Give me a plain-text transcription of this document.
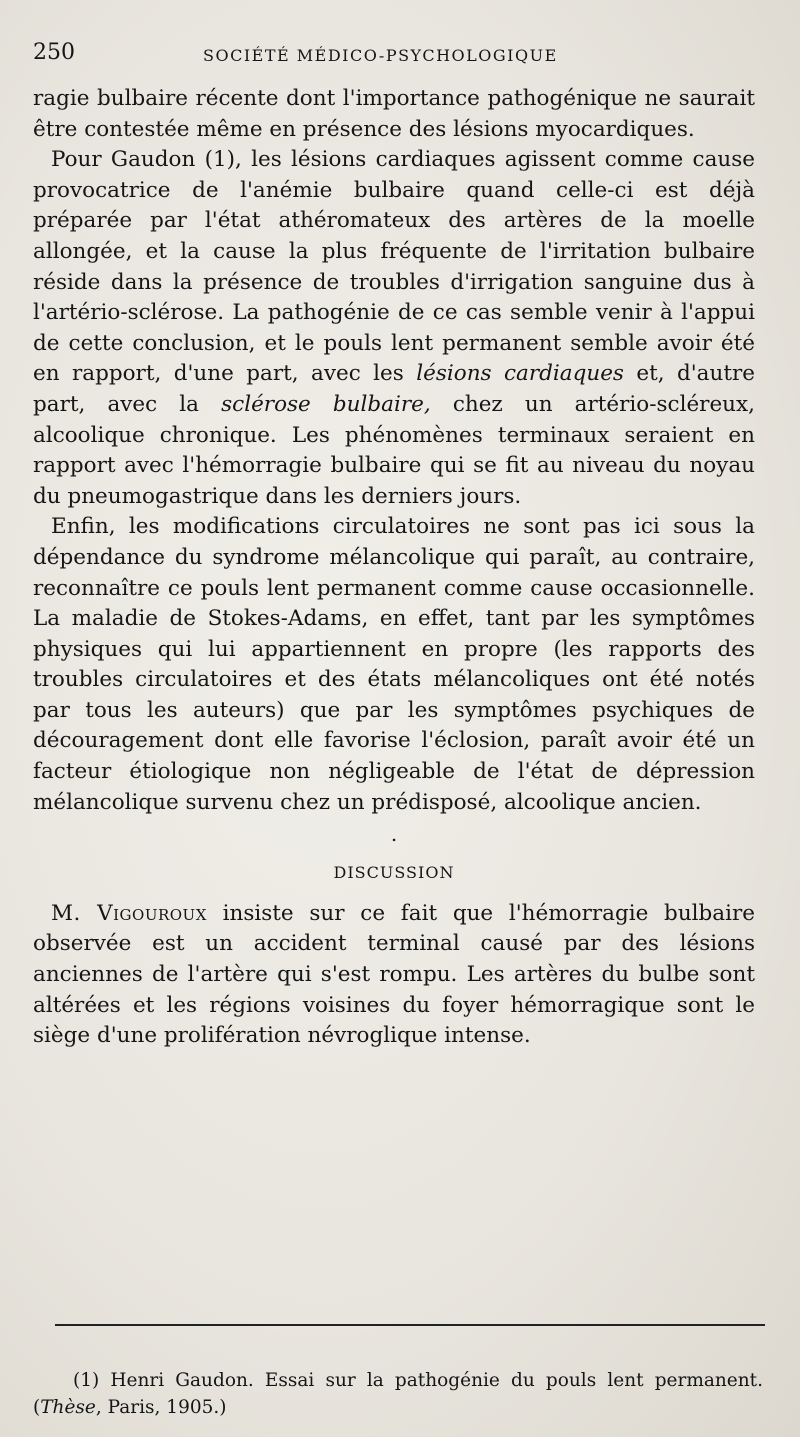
250	SOCIÉTÉ MÉDICO-PSYCHOLOGIQUE

ragie bulbaire récente dont l'importance pathogénique ne saurait être contestée même en présence des lésions myocardiques.

Pour Gaudon (1), les lésions cardiaques agissent comme cause provocatrice de l'anémie bulbaire quand celle-ci est déjà préparée par l'état athéromateux des artères de la moelle allongée, et la cause la plus fréquente de l'irritation bulbaire réside dans la présence de troubles d'irrigation sanguine dus à l'artério-sclérose. La pathogénie de ce cas semble venir à l'appui de cette conclusion, et le pouls lent permanent semble avoir été en rapport, d'une part, avec les lésions cardiaques et, d'autre part, avec la sclérose bulbaire, chez un artério-scléreux, alcoolique chronique. Les phénomènes terminaux seraient en rapport avec l'hémorragie bulbaire qui se fit au niveau du noyau du pneumogastrique dans les derniers jours.

Enfin, les modifications circulatoires ne sont pas ici sous la dépendance du syndrome mélancolique qui paraît, au contraire, reconnaître ce pouls lent permanent comme cause occasionnelle. La maladie de Stokes-Adams, en effet, tant par les symptômes physiques qui lui appartiennent en propre (les rapports des troubles circulatoires et des états mélancoliques ont été notés par tous les auteurs) que par les symptômes psychiques de découragement dont elle favorise l'éclosion, paraît avoir été un facteur étiologique non négligeable de l'état de dépression mélancolique survenu chez un prédisposé, alcoolique ancien.

.

DISCUSSION

M. Vigouroux insiste sur ce fait que l'hémorragie bulbaire observée est un accident terminal causé par des lésions anciennes de l'artère qui s'est rompu. Les artères du bulbe sont altérées et les régions voisines du foyer hémorragique sont le siège d'une prolifération névroglique intense.

(1) Henri Gaudon. Essai sur la pathogénie du pouls lent permanent. (Thèse, Paris, 1905.)
